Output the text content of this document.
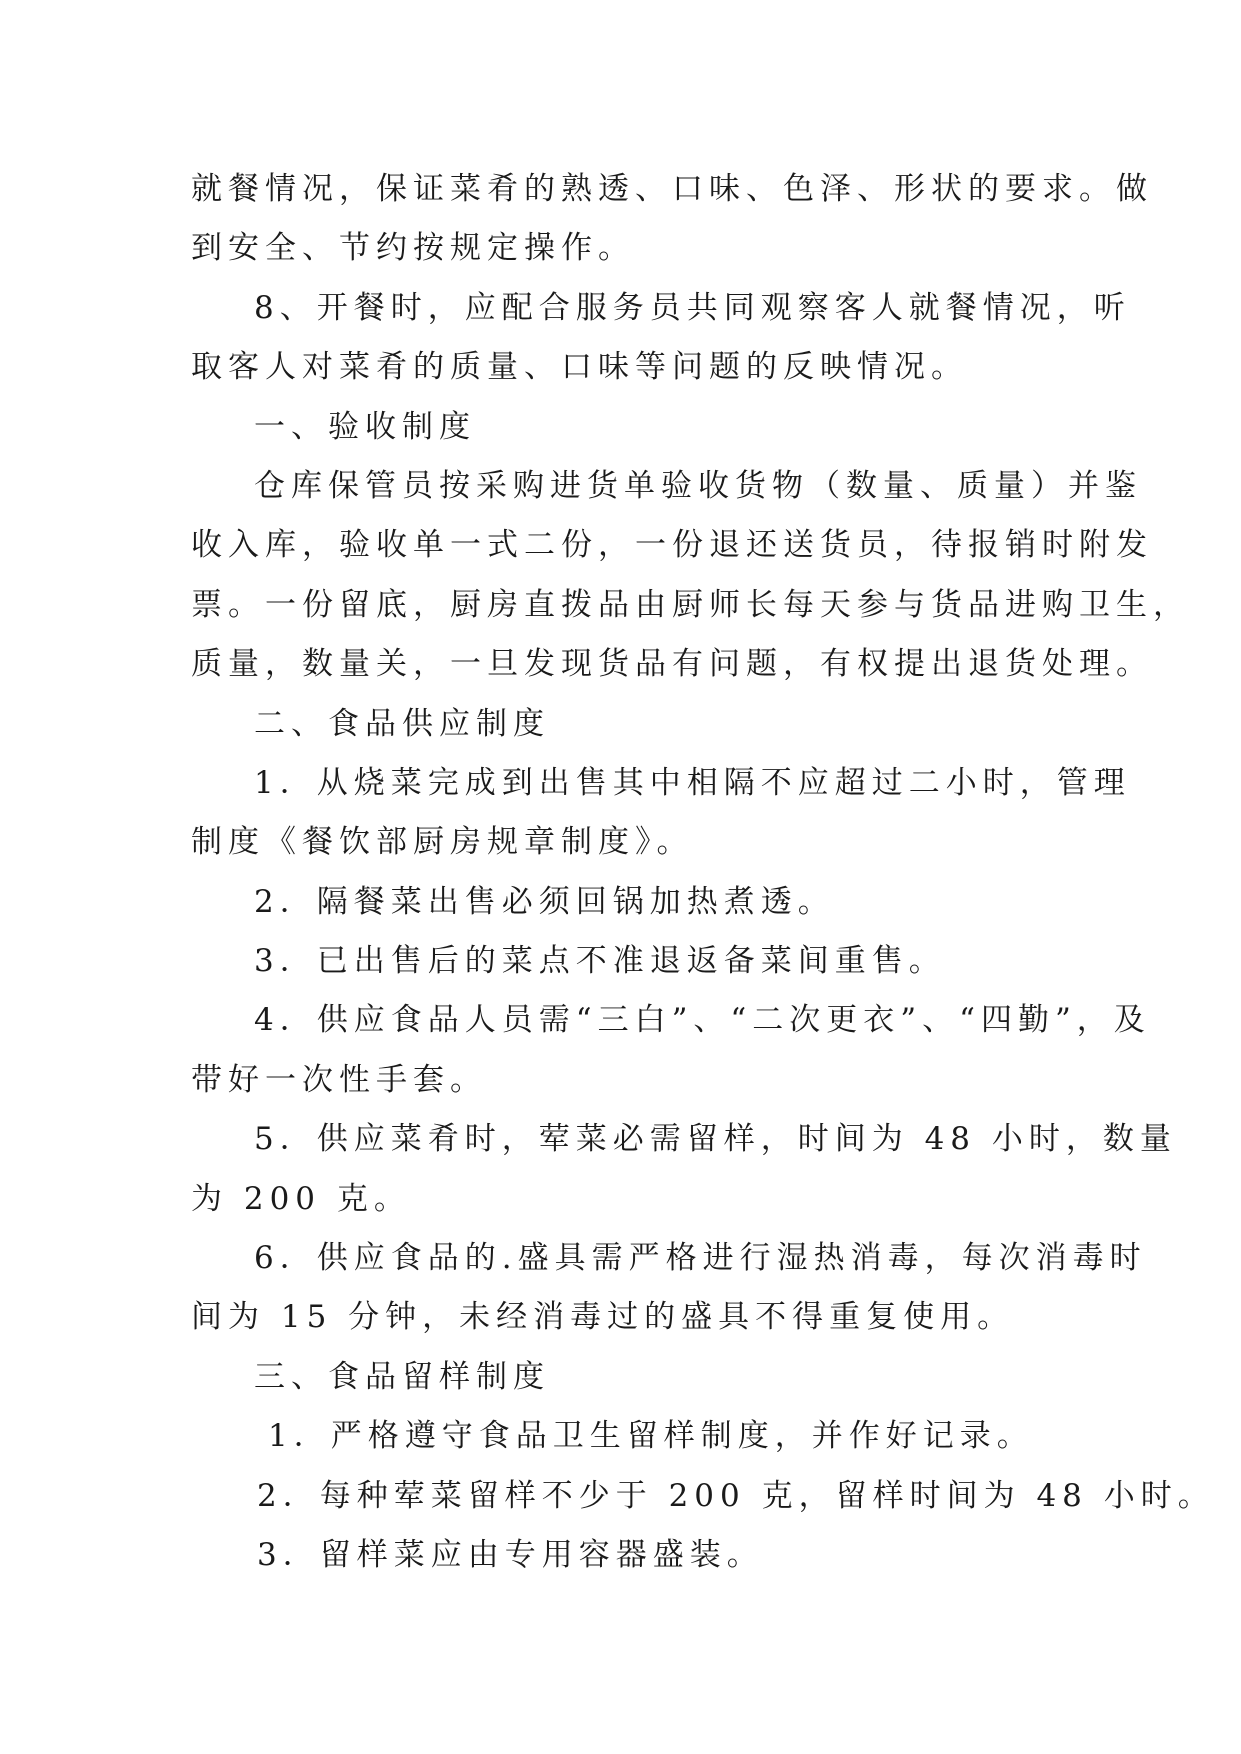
就餐情况，保证菜肴的熟透、口味、色泽、形状的要求。做
到安全、节约按规定操作。
8、开餐时，应配合服务员共同观察客人就餐情况，听
取客人对菜肴的质量、口味等问题的反映情况。
一、验收制度
仓库保管员按采购进货单验收货物（数量、质量）并鉴
收入库，验收单一式二份，一份退还送货员，待报销时附发
票。一份留底，厨房直拨品由厨师长每天参与货品进购卫生，
质量，数量关，一旦发现货品有问题，有权提出退货处理。
二、食品供应制度
1．从烧菜完成到出售其中相隔不应超过二小时，管理
制度《餐饮部厨房规章制度》。
2．隔餐菜出售必须回锅加热煮透。
3．已出售后的菜点不准退返备菜间重售。
4．供应食品人员需“三白”、“二次更衣”、“四勤”，及
带好一次性手套。
5．供应菜肴时，荤菜必需留样，时间为 48 小时，数量
为 200 克。
6．供应食品的.盛具需严格进行湿热消毒，每次消毒时
间为 15 分钟，未经消毒过的盛具不得重复使用。
三、食品留样制度
1．严格遵守食品卫生留样制度，并作好记录。
2．每种荤菜留样不少于 200 克，留样时间为 48 小时。
3．留样菜应由专用容器盛装。
